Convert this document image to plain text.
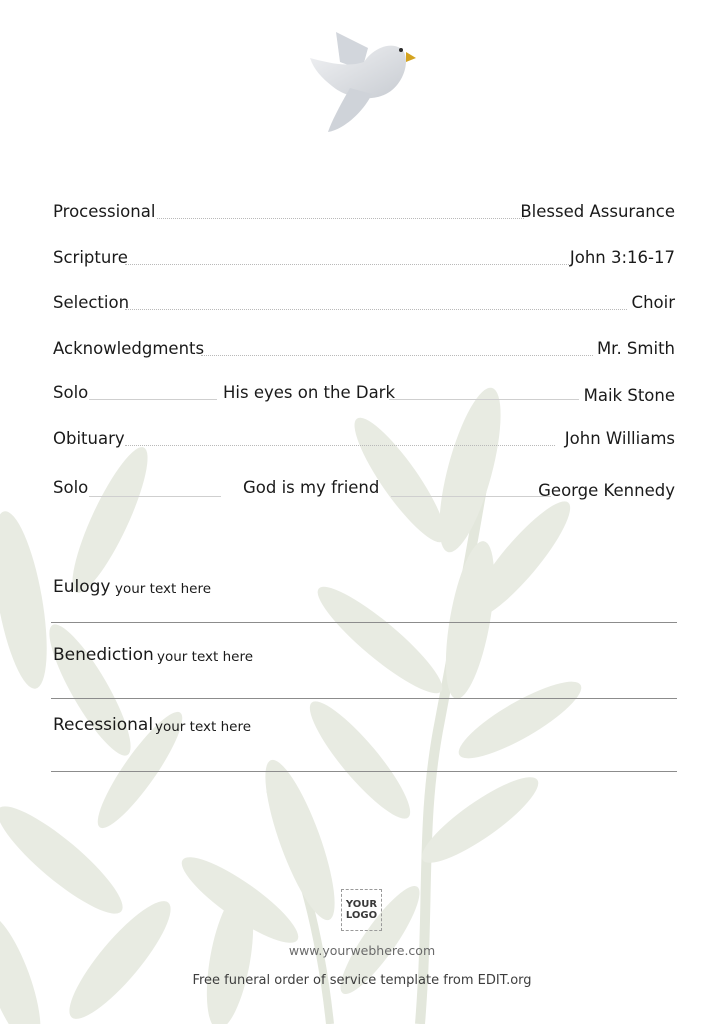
Processional	Blessed Assurance
Scripture	John 3:16-17
Selection	Choir
Acknowledgments	Mr. Smith
Solo	His eyes on the Dark	Maik Stone
Obituary	John Williams
Solo	God is my friend	George Kennedy
Eulogy your text here
Benediction your text here
Recessional your text here
YOUR
LOGO
www.yourwebhere.com
Free funeral order of service template from EDIT.org
